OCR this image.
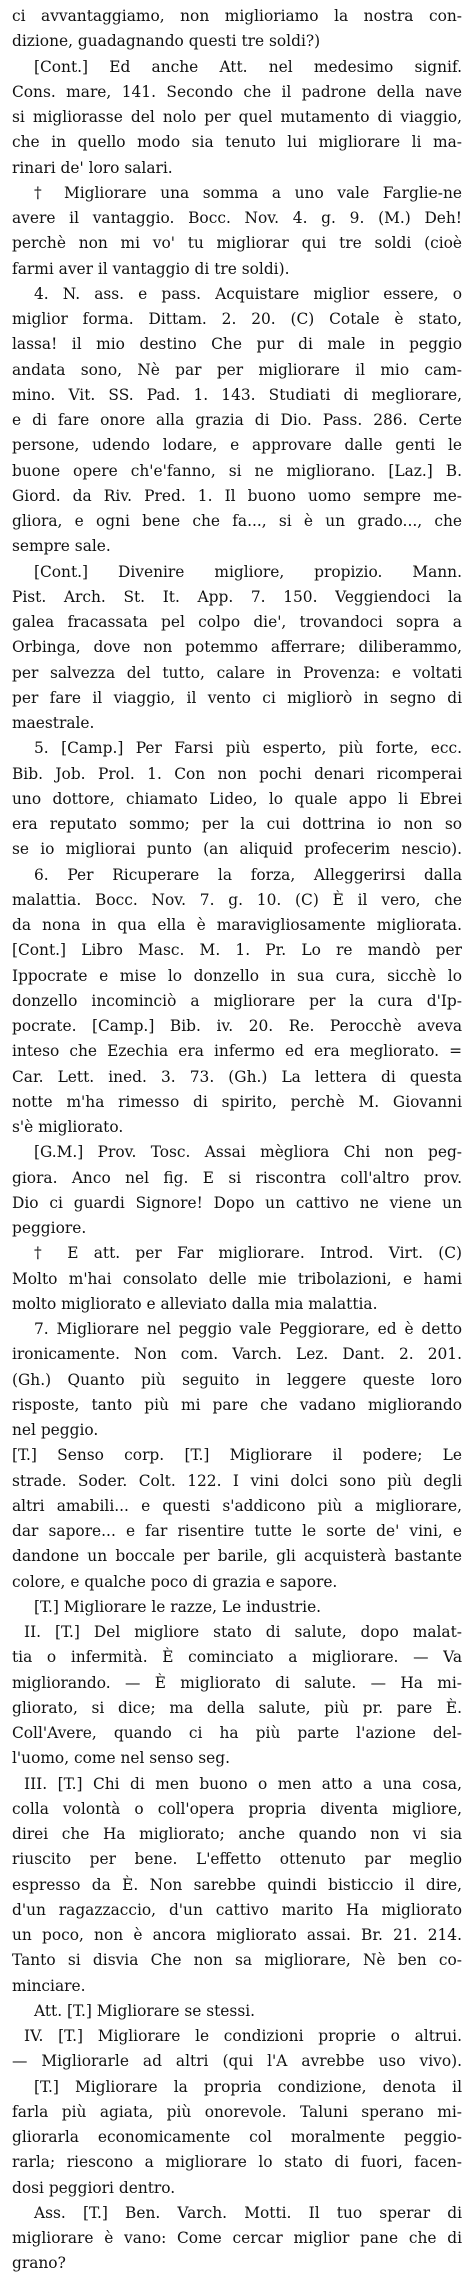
ci avvantaggiamo, non miglioriamo la nostra con-
dizione, guadagnando questi tre soldi?)
[Cont.] Ed anche Att. nel medesimo signif.
Cons. mare, 141. Secondo che il padrone della nave
si migliorasse del nolo per quel mutamento di viaggio,
che in quello modo sia tenuto lui migliorare li ma-
rinari de' loro salari.
† Migliorare una somma a uno vale Farglie-ne
avere il vantaggio. Bocc. Nov. 4. g. 9. (M.) Deh!
perchè non mi vo' tu migliorar qui tre soldi (cioè
farmi aver il vantaggio di tre soldi).
4. N. ass. e pass. Acquistare miglior essere, o
miglior forma. Dittam. 2. 20. (C) Cotale è stato,
lassa! il mio destino Che pur di male in peggio
andata sono, Nè par per migliorare il mio cam-
mino. Vit. SS. Pad. 1. 143. Studiati di megliorare,
e di fare onore alla grazia di Dio. Pass. 286. Certe
persone, udendo lodare, e approvare dalle genti le
buone opere ch'e'fanno, si ne migliorano. [Laz.] B.
Giord. da Riv. Pred. 1. Il buono uomo sempre me-
gliora, e ogni bene che fa..., si è un grado..., che
sempre sale.
[Cont.] Divenire migliore, propizio. Mann.
Pist. Arch. St. It. App. 7. 150. Veggiendoci la
galea fracassata pel colpo die', trovandoci sopra a
Orbinga, dove non potemmo afferrare; diliberammo,
per salvezza del tutto, calare in Provenza: e voltati
per fare il viaggio, il vento ci migliorò in segno di
maestrale.
5. [Camp.] Per Farsi più esperto, più forte, ecc.
Bib. Job. Prol. 1. Con non pochi denari ricomperai
uno dottore, chiamato Lideo, lo quale appo li Ebrei
era reputato sommo; per la cui dottrina io non so
se io migliorai punto (an aliquid profecerim nescio).
6. Per Ricuperare la forza, Alleggerirsi dalla
malattia. Bocc. Nov. 7. g. 10. (C) È il vero, che
da nona in qua ella è maravigliosamente migliorata.
[Cont.] Libro Masc. M. 1. Pr. Lo re mandò per
Ippocrate e mise lo donzello in sua cura, sicchè lo
donzello incominciò a migliorare per la cura d'Ip-
pocrate. [Camp.] Bib. iv. 20. Re. Perocchè aveva
inteso che Ezechia era infermo ed era megliorato. =
Car. Lett. ined. 3. 73. (Gh.) La lettera di questa
notte m'ha rimesso di spirito, perchè M. Giovanni
s'è migliorato.
[G.M.] Prov. Tosc. Assai mègliora Chi non peg-
giora. Anco nel fig. E si riscontra coll'altro prov.
Dio ci guardi Signore! Dopo un cattivo ne viene un
peggiore.
† E att. per Far migliorare. Introd. Virt. (C)
Molto m'hai consolato delle mie tribolazioni, e hami
molto migliorato e alleviato dalla mia malattia.
7. Migliorare nel peggio vale Peggiorare, ed è detto
ironicamente. Non com. Varch. Lez. Dant. 2. 201.
(Gh.) Quanto più seguito in leggere queste loro
risposte, tanto più mi pare che vadano migliorando
nel peggio.
[T.] Senso corp. [T.] Migliorare il podere; Le
strade. Soder. Colt. 122. I vini dolci sono più degli
altri amabili... e questi s'addiconо più a migliorare,
dar sapore... e far risentire tutte le sorte de' vini, e
dandone un boccale per barile, gli acquisterà bastante
colore, e qualche poco di grazia e sapore.
[T.] Migliorare le razze, Le industrie.
II. [T.] Del migliore stato di salute, dopo malat-
tia o infermità. È cominciato a migliorare. — Va
migliorando. — È migliorato di salute. — Ha mi-
gliorato, si dice; ma della salute, più pr. pare È.
Coll'Avere, quando ci ha più parte l'azione del-
l'uomo, come nel senso seg.
III. [T.] Chi di men buono o men atto a una cosa,
colla volontà o coll'opera propria diventa migliore,
direi che Ha migliorato; anche quando non vi sia
riuscito per bene. L'effetto ottenuto par meglio
espresso da È. Non sarebbe quindi bisticcio il dire,
d'un ragazzaccio, d'un cattivo marito Ha migliorato
un poco, non è ancora migliorato assai. Br. 21. 214.
Tanto si disvia Che non sa migliorare, Nè ben co-
minciare.
Att. [T.] Migliorare se stessi.
IV. [T.] Migliorare le condizioni proprie o altrui.
— Migliorarle ad altri (qui l'A avrebbe uso vivo).
[T.] Migliorare la propria condizione, denota il
farla più agiata, più onorevole. Taluni sperano mi-
gliorarla economicamente col moralmente peggio-
rarla; riescono a migliorare lo stato di fuori, facen-
dosi peggiori dentro.
Ass. [T.] Ben. Varch. Motti. Il tuo sperar di
migliorare è vano: Come cercar miglior pane che di
grano?
